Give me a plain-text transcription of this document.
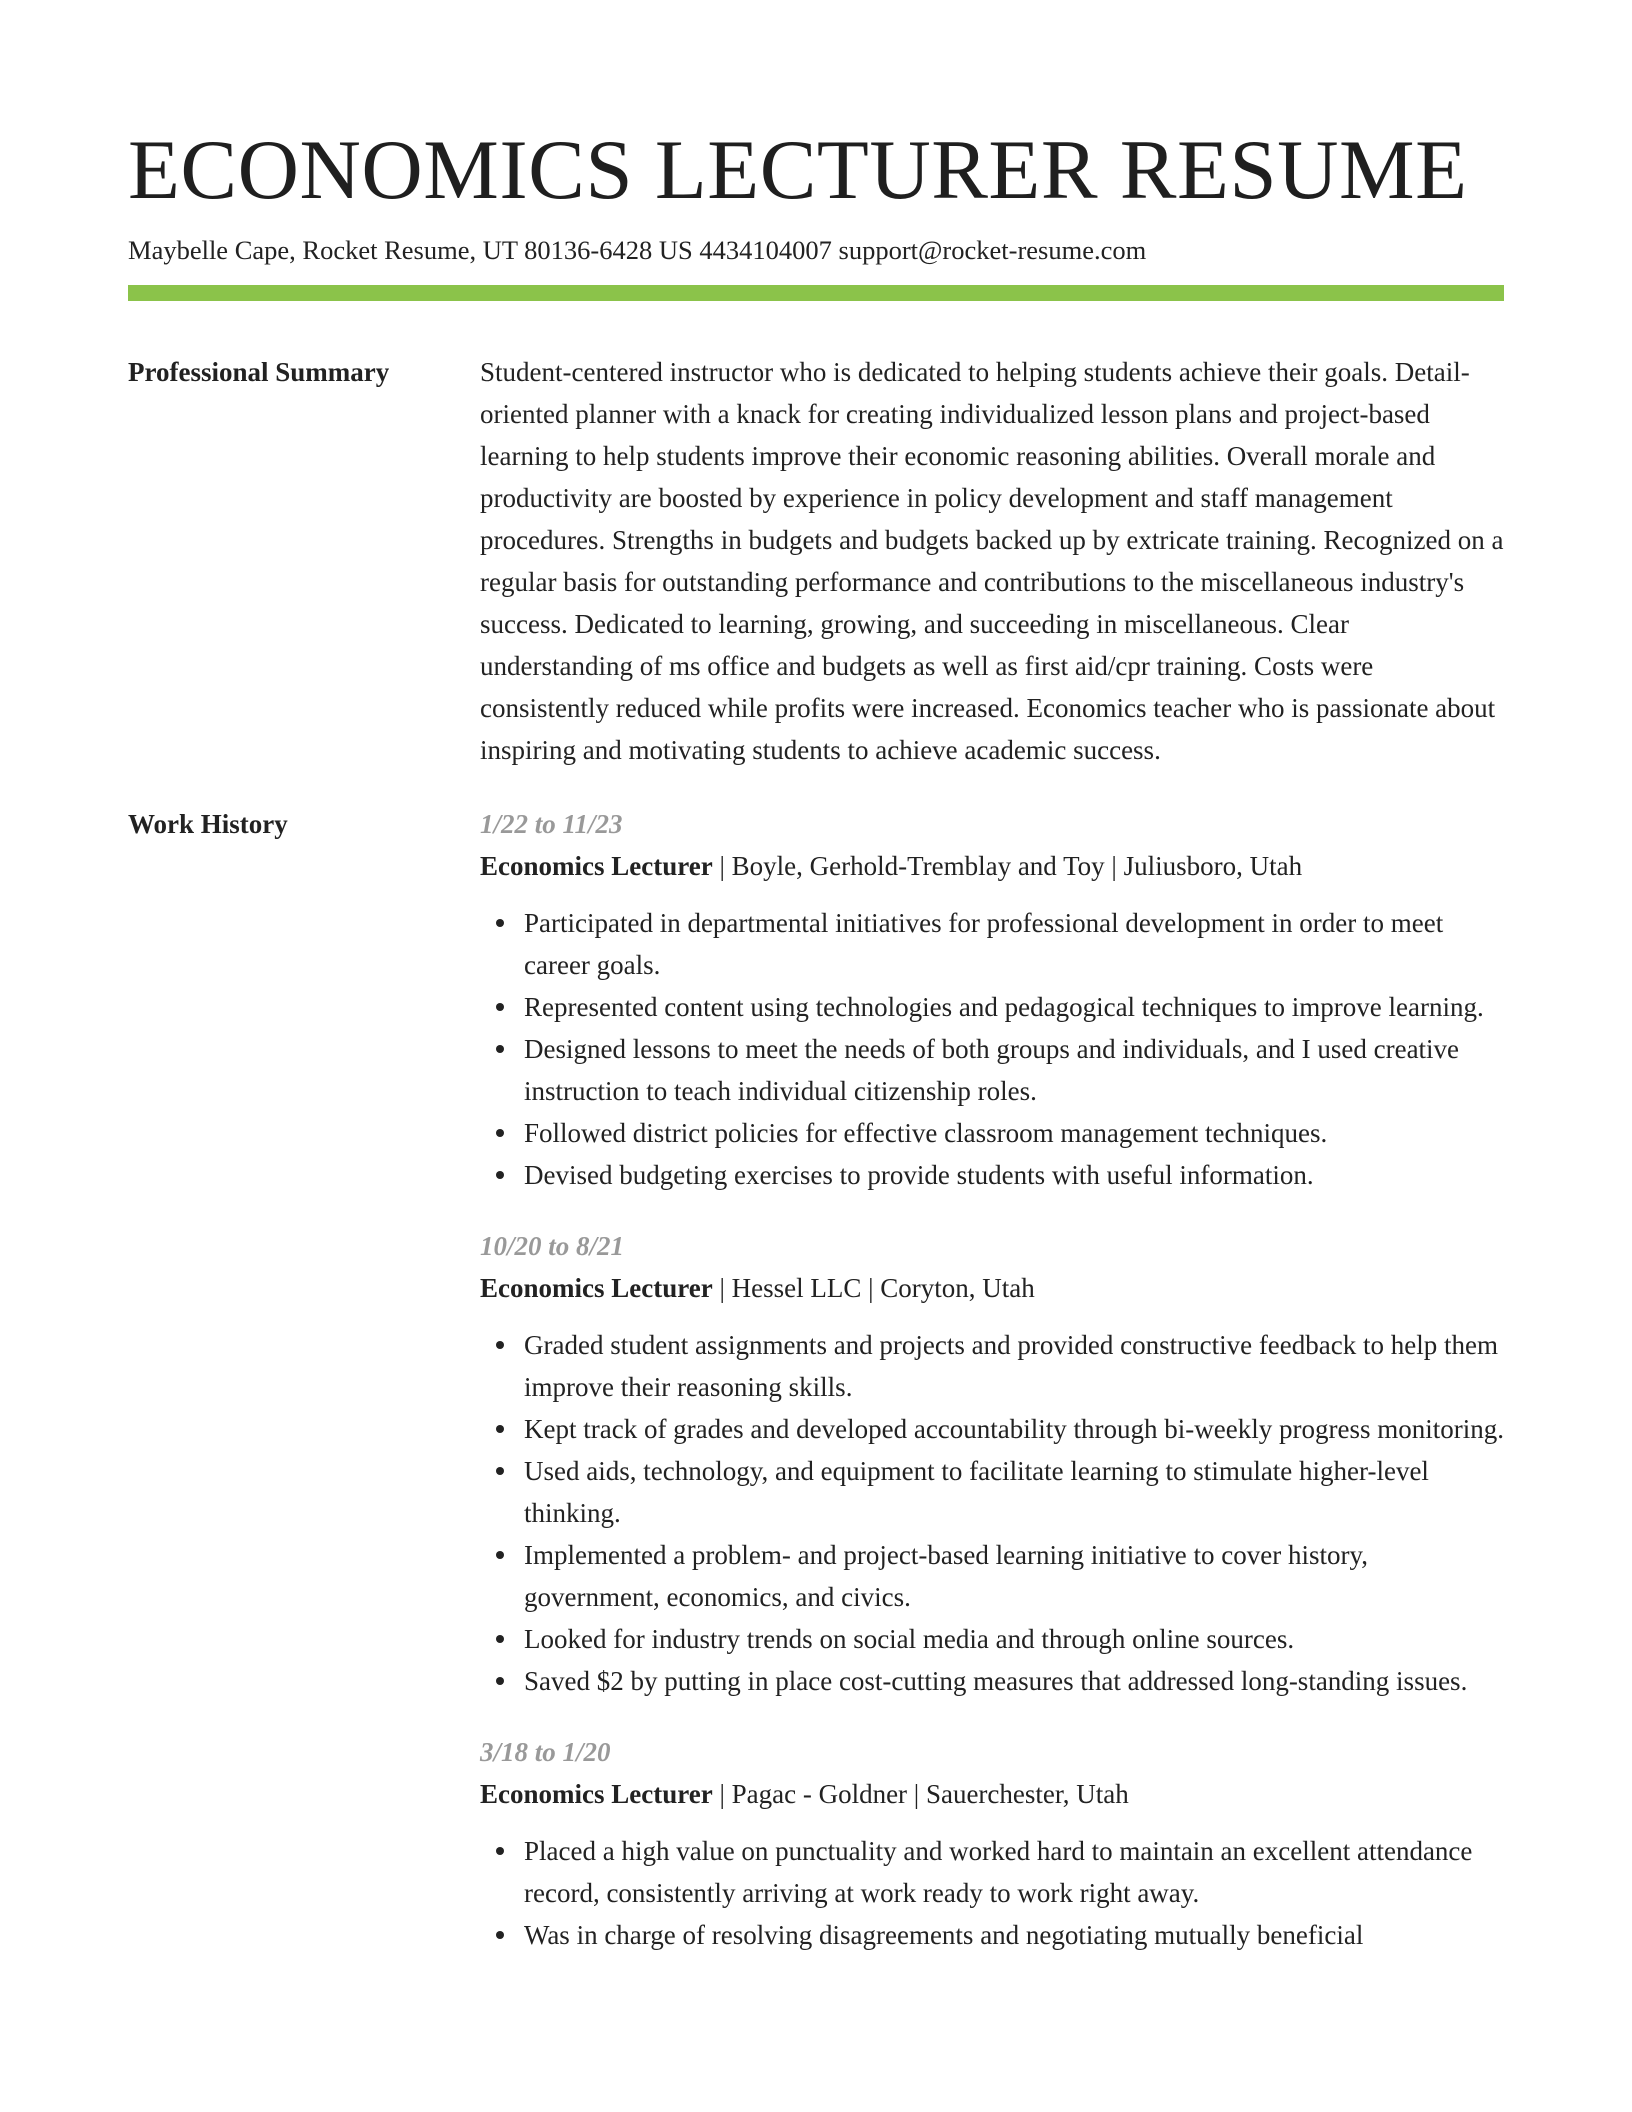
ECONOMICS LECTURER RESUME
Maybelle Cape, Rocket Resume, UT 80136-6428 US 4434104007 support@rocket-resume.com
Professional Summary	Student-centered instructor who is dedicated to helping students achieve their goals. Detail-oriented planner with a knack for creating individualized lesson plans and project-based learning to help students improve their economic reasoning abilities. Overall morale and productivity are boosted by experience in policy development and staff management procedures. Strengths in budgets and budgets backed up by extricate training. Recognized on a regular basis for outstanding performance and contributions to the miscellaneous industry's success. Dedicated to learning, growing, and succeeding in miscellaneous. Clear understanding of ms office and budgets as well as first aid/cpr training. Costs were consistently reduced while profits were increased. Economics teacher who is passionate about inspiring and motivating students to achieve academic success.

Work History	1/22 to 11/23
Economics Lecturer | Boyle, Gerhold-Tremblay and Toy | Juliusboro, Utah
Participated in departmental initiatives for professional development in order to meet career goals.
Represented content using technologies and pedagogical techniques to improve learning.
Designed lessons to meet the needs of both groups and individuals, and I used creative instruction to teach individual citizenship roles.
Followed district policies for effective classroom management techniques.
Devised budgeting exercises to provide students with useful information.
10/20 to 8/21
Economics Lecturer | Hessel LLC | Coryton, Utah
Graded student assignments and projects and provided constructive feedback to help them improve their reasoning skills.
Kept track of grades and developed accountability through bi-weekly progress monitoring.
Used aids, technology, and equipment to facilitate learning to stimulate higher-level thinking.
Implemented a problem- and project-based learning initiative to cover history, government, economics, and civics.
Looked for industry trends on social media and through online sources.
Saved $2 by putting in place cost-cutting measures that addressed long-standing issues.
3/18 to 1/20
Economics Lecturer | Pagac - Goldner | Sauerchester, Utah
Placed a high value on punctuality and worked hard to maintain an excellent attendance record, consistently arriving at work ready to work right away.
Was in charge of resolving disagreements and negotiating mutually beneficial
